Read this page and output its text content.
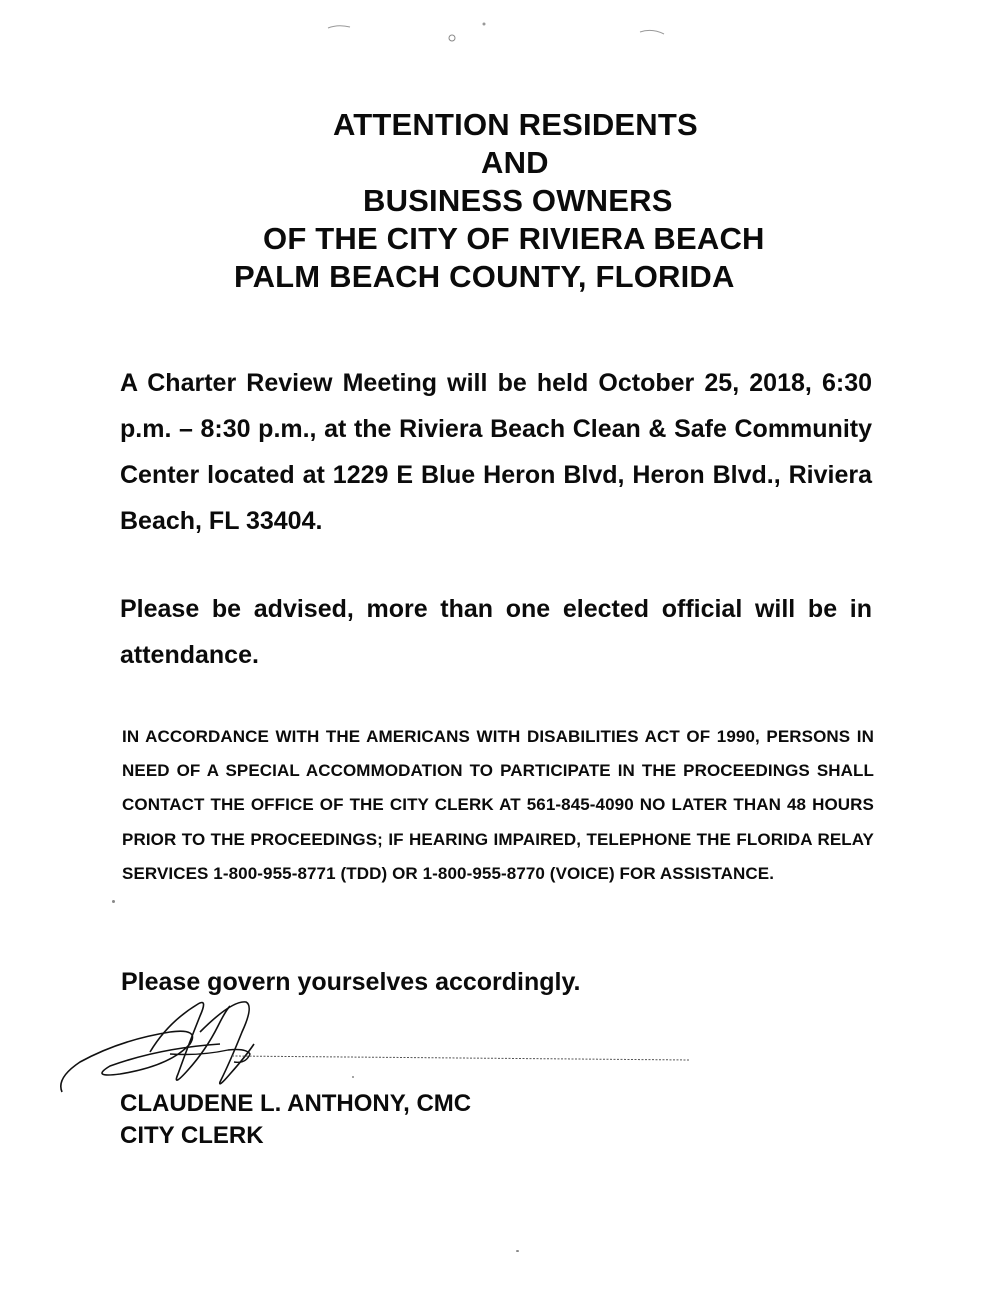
ATTENTION RESIDENTS
AND
BUSINESS OWNERS
OF THE CITY OF RIVIERA BEACH
PALM BEACH COUNTY, FLORIDA
A Charter Review Meeting will be held October 25, 2018, 6:30 p.m. – 8:30 p.m., at the Riviera Beach Clean & Safe Community Center located at 1229 E Blue Heron Blvd, Heron Blvd., Riviera Beach, FL 33404.
Please be advised, more than one elected official will be in attendance.
IN ACCORDANCE WITH THE AMERICANS WITH DISABILITIES ACT OF 1990, PERSONS IN NEED OF A SPECIAL ACCOMMODATION TO PARTICIPATE IN THE PROCEEDINGS SHALL CONTACT THE OFFICE OF THE CITY CLERK AT 561-845-4090 NO LATER THAN 48 HOURS PRIOR TO THE PROCEEDINGS; IF HEARING IMPAIRED, TELEPHONE THE FLORIDA RELAY SERVICES 1-800-955-8771 (TDD) OR 1-800-955-8770 (VOICE) FOR ASSISTANCE.
Please govern yourselves accordingly.
CLAUDENE L. ANTHONY, CMC
CITY CLERK
